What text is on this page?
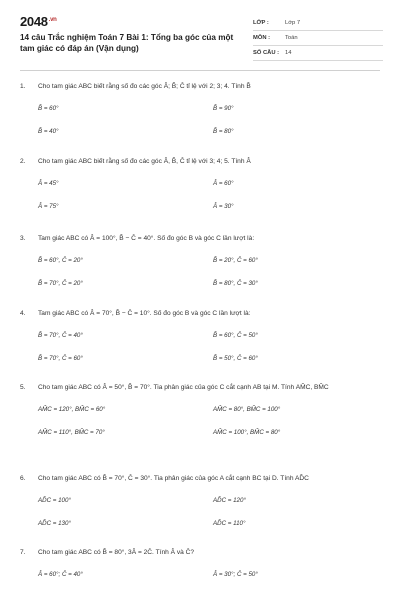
$2048^{.vn}$
14 câu Trắc nghiệm Toán 7 Bài 1: Tổng ba góc của một tam giác có đáp án (Vận dụng)
LỚP :	Lớp 7
MÔN :	Toán
SỐ CÂU :	14
1.	Cho tam giác ABC biết rằng số đo các góc Â; B̂; Ĉ tỉ lệ với 2; 3; 4. Tính B̂
B̂ = 60°	B̂ = 90°
B̂ = 40°	B̂ = 80°
2.	Cho tam giác ABC biết rằng số đo các góc Â, B̂, Ĉ tỉ lệ với 3; 4; 5. Tính Â
Â = 45°	Â = 60°
Â = 75°	Â = 30°
3.	Tam giác ABC có Â = 100°, B̂ − Ĉ = 40°. Số đo góc B và góc C lần lượt là:
B̂ = 60°, Ĉ = 20°	B̂ = 20°, Ĉ = 60°
B̂ = 70°, Ĉ = 20°	B̂ = 80°, Ĉ = 30°
4.	Tam giác ABC có Â = 70°, B̂ − Ĉ = 10°. Số đo góc B và góc C lần lượt là:
B̂ = 70°, Ĉ = 40°	B̂ = 60°, Ĉ = 50°
B̂ = 70°, Ĉ = 60°	B̂ = 50°, Ĉ = 60°
5.	Cho tam giác ABC có Â = 50°, B̂ = 70°. Tia phân giác của góc C cắt cạnh AB tại M. Tính AM̂C, BM̂C
AM̂C = 120°, BM̂C = 60°	AM̂C = 80°, BM̂C = 100°
AM̂C = 110°, BM̂C = 70°	AM̂C = 100°, BM̂C = 80°
6.	Cho tam giác ABC có B̂ = 70°, Ĉ = 30°. Tia phân giác của góc A cắt cạnh BC tại D. Tính AD̂C
AD̂C = 100°	AD̂C = 120°
AD̂C = 130°	AD̂C = 110°
7.	Cho tam giác ABC có B̂ = 80°, 3Â = 2Ĉ. Tính Â và Ĉ?
Â = 60°; Ĉ = 40°	Â = 30°; Ĉ = 50°
